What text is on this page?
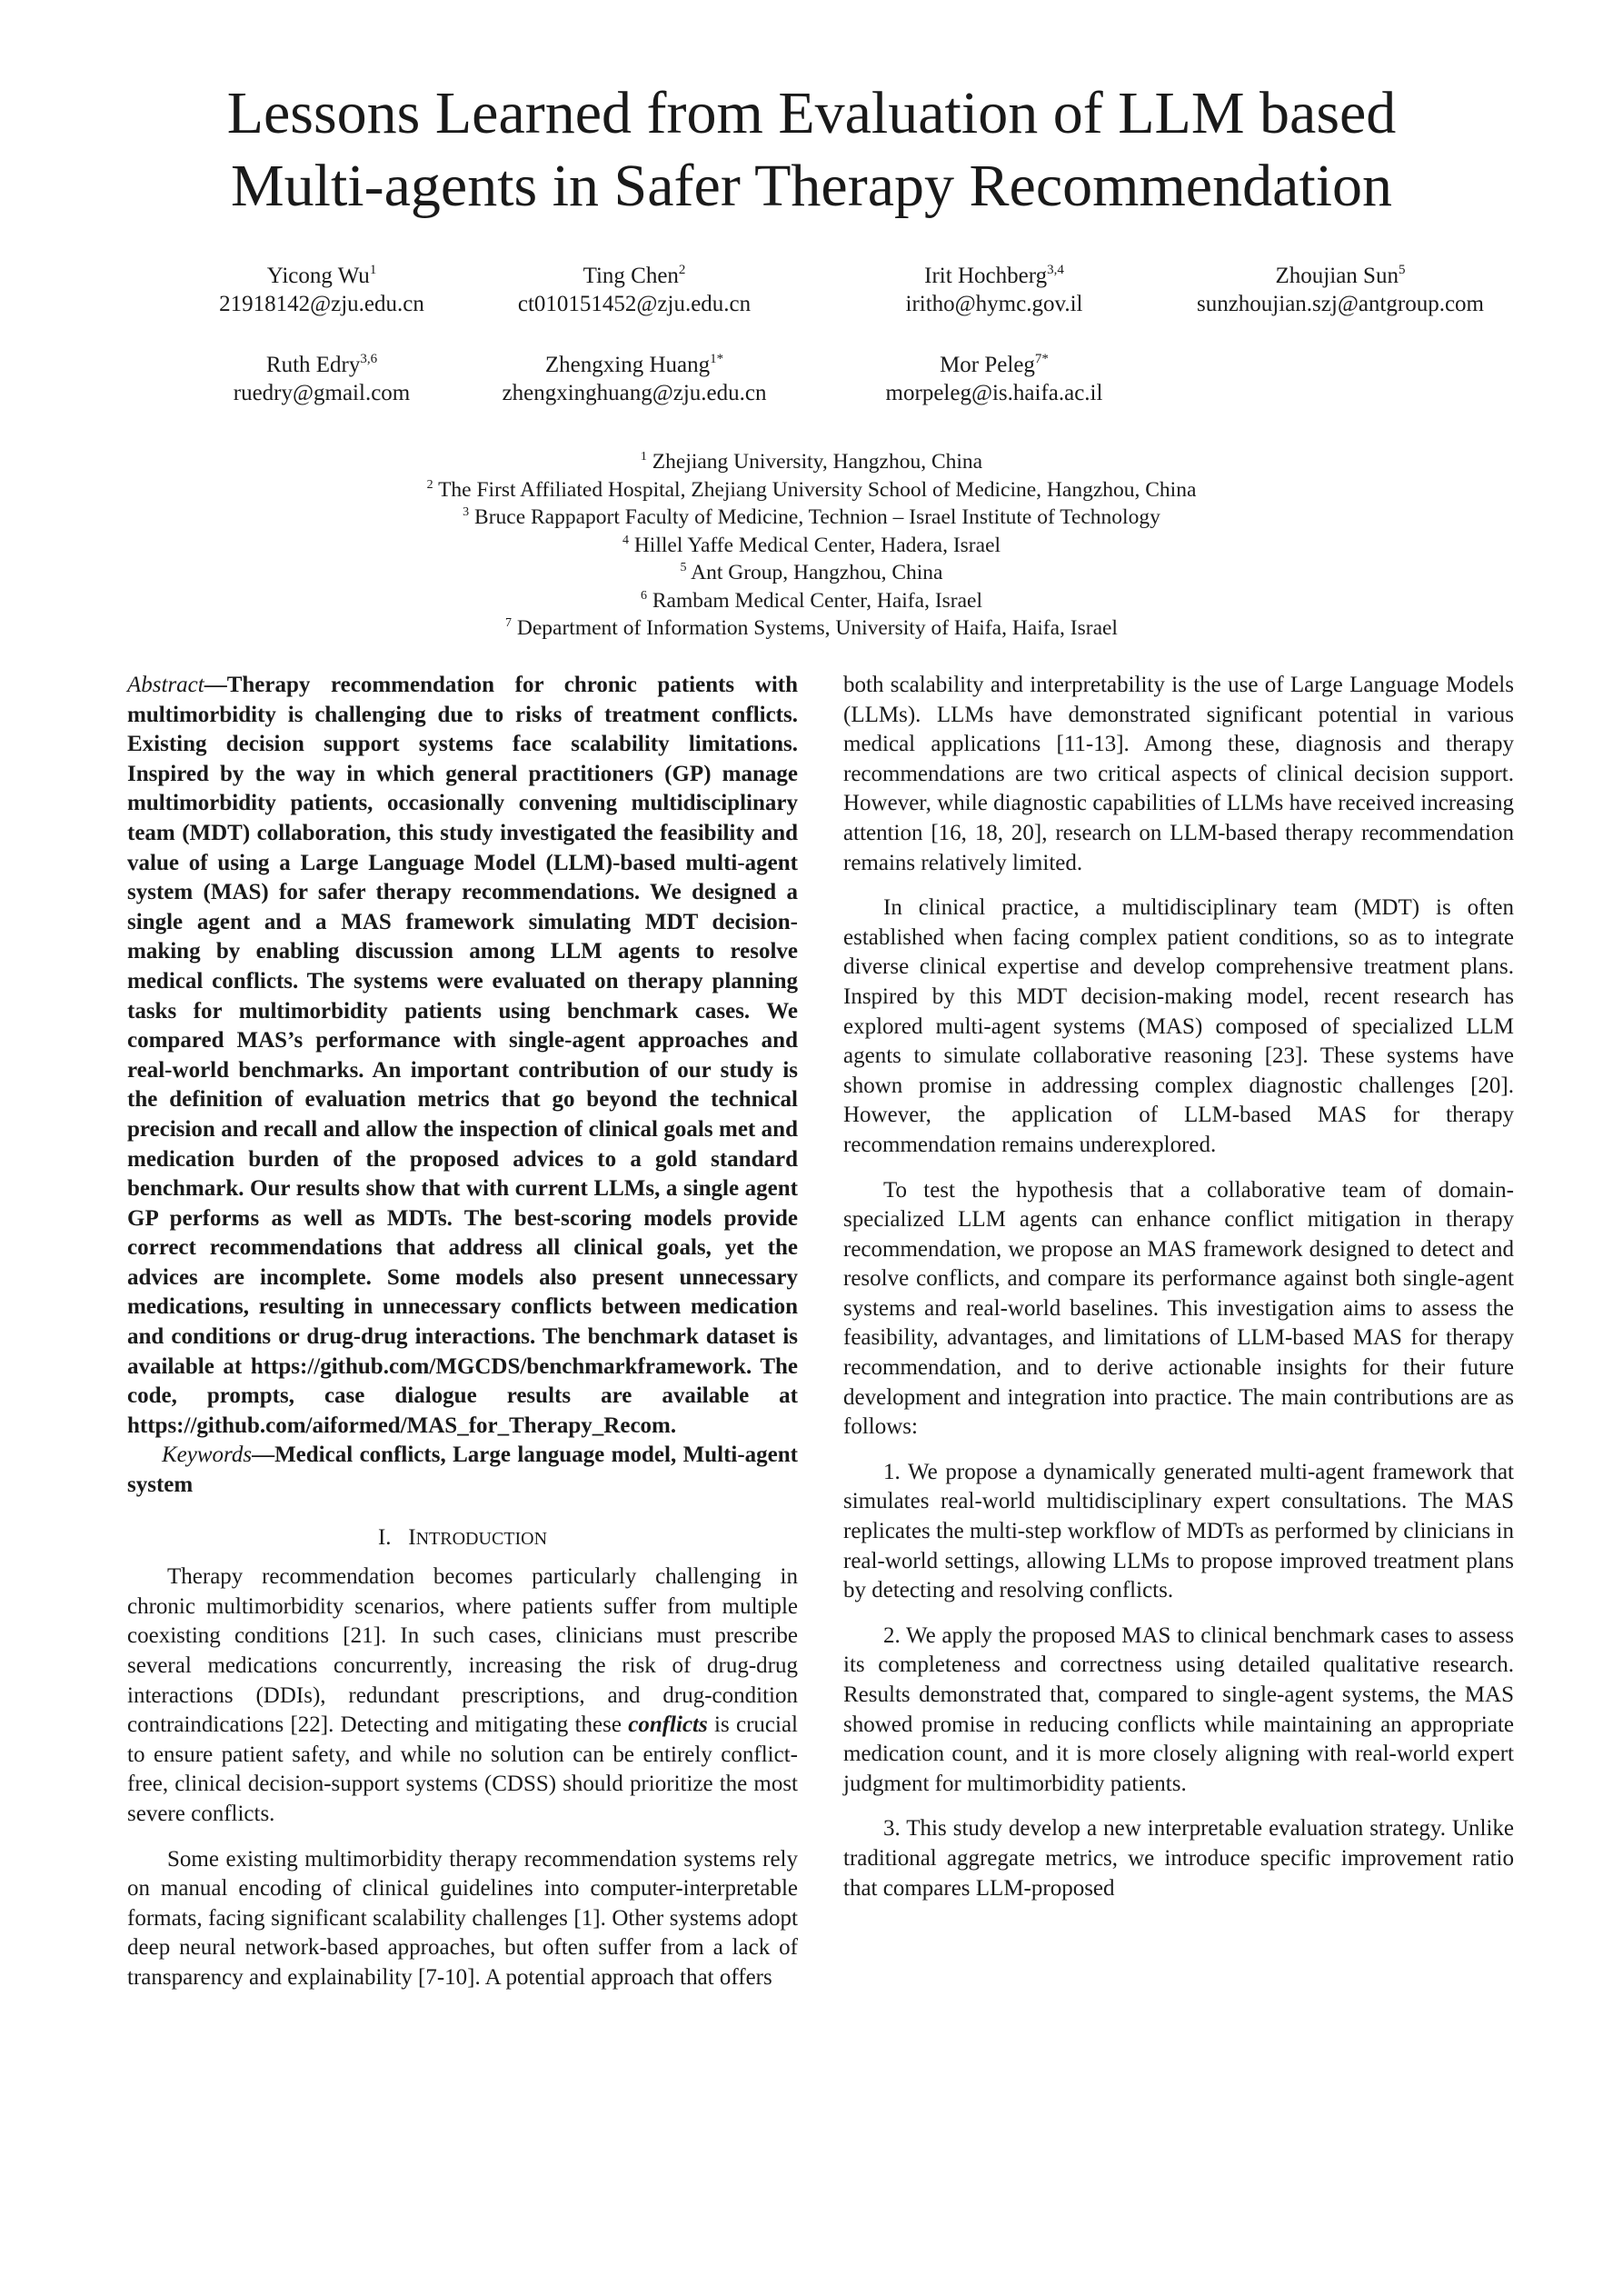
Lessons Learned from Evaluation of LLM based
Multi-agents in Safer Therapy Recommendation
Yicong Wu$^1$
21918142@zju.edu.cn
Ting Chen$^2$
ct010151452@zju.edu.cn
Irit Hochberg$^{3,4}$
iritho@hymc.gov.il
Zhoujian Sun$^5$
sunzhoujian.szj@antgroup.com
Ruth Edry$^{3,6}$
ruedry@gmail.com
Zhengxing Huang$^{1*}$
zhengxinghuang@zju.edu.cn
Mor Peleg$^{7*}$
morpeleg@is.haifa.ac.il
$^1$ Zhejiang University, Hangzhou, China
$^2$ The First Affiliated Hospital, Zhejiang University School of Medicine, Hangzhou, China
$^3$ Bruce Rappaport Faculty of Medicine, Technion – Israel Institute of Technology
$^4$ Hillel Yaffe Medical Center, Hadera, Israel
$^5$ Ant Group, Hangzhou, China
$^6$ Rambam Medical Center, Haifa, Israel
$^7$ Department of Information Systems, University of Haifa, Haifa, Israel

Abstract—Therapy recommendation for chronic patients with multimorbidity is challenging due to risks of treatment conflicts. Existing decision support systems face scalability limitations. Inspired by the way in which general practitioners (GP) manage multimorbidity patients, occasionally convening multidisciplinary team (MDT) collaboration, this study investigated the feasibility and value of using a Large Language Model (LLM)-based multi-agent system (MAS) for safer therapy recommendations. We designed a single agent and a MAS framework simulating MDT decision-making by enabling discussion among LLM agents to resolve medical conflicts. The systems were evaluated on therapy planning tasks for multimorbidity patients using benchmark cases. We compared MAS’s performance with single-agent approaches and real-world benchmarks. An important contribution of our study is the definition of evaluation metrics that go beyond the technical precision and recall and allow the inspection of clinical goals met and medication burden of the proposed advices to a gold standard benchmark. Our results show that with current LLMs, a single agent GP performs as well as MDTs. The best-scoring models provide correct recommendations that address all clinical goals, yet the advices are incomplete. Some models also present unnecessary medications, resulting in unnecessary conflicts between medication and conditions or drug-drug interactions. The benchmark dataset is available at https://github.com/MGCDS/benchmarkframework. The code, prompts, case dialogue results are available at https://github.com/aiformed/MAS_for_Therapy_Recom.

Keywords—Medical conflicts, Large language model, Multi-agent system

I. INTRODUCTION

Therapy recommendation becomes particularly challenging in chronic multimorbidity scenarios, where patients suffer from multiple coexisting conditions [21]. In such cases, clinicians must prescribe several medications concurrently, increasing the risk of drug-drug interactions (DDIs), redundant prescriptions, and drug-condition contraindications [22]. Detecting and mitigating these conflicts is crucial to ensure patient safety, and while no solution can be entirely conflict-free, clinical decision-support systems (CDSS) should prioritize the most severe conflicts.

Some existing multimorbidity therapy recommendation systems rely on manual encoding of clinical guidelines into computer-interpretable formats, facing significant scalability challenges [1]. Other systems adopt deep neural network-based approaches, but often suffer from a lack of transparency and explainability [7-10]. A potential approach that offers

both scalability and interpretability is the use of Large Language Models (LLMs). LLMs have demonstrated significant potential in various medical applications [11-13]. Among these, diagnosis and therapy recommendations are two critical aspects of clinical decision support. However, while diagnostic capabilities of LLMs have received increasing attention [16, 18, 20], research on LLM-based therapy recommendation remains relatively limited.

In clinical practice, a multidisciplinary team (MDT) is often established when facing complex patient conditions, so as to integrate diverse clinical expertise and develop comprehensive treatment plans. Inspired by this MDT decision-making model, recent research has explored multi-agent systems (MAS) composed of specialized LLM agents to simulate collaborative reasoning [23]. These systems have shown promise in addressing complex diagnostic challenges [20]. However, the application of LLM-based MAS for therapy recommendation remains underexplored.

To test the hypothesis that a collaborative team of domain-specialized LLM agents can enhance conflict mitigation in therapy recommendation, we propose an MAS framework designed to detect and resolve conflicts, and compare its performance against both single-agent systems and real-world baselines. This investigation aims to assess the feasibility, advantages, and limitations of LLM-based MAS for therapy recommendation, and to derive actionable insights for their future development and integration into practice. The main contributions are as follows:

1. We propose a dynamically generated multi-agent framework that simulates real-world multidisciplinary expert consultations. The MAS replicates the multi-step workflow of MDTs as performed by clinicians in real-world settings, allowing LLMs to propose improved treatment plans by detecting and resolving conflicts.

2. We apply the proposed MAS to clinical benchmark cases to assess its completeness and correctness using detailed qualitative research. Results demonstrated that, compared to single-agent systems, the MAS showed promise in reducing conflicts while maintaining an appropriate medication count, and it is more closely aligning with real-world expert judgment for multimorbidity patients.

3. This study develop a new interpretable evaluation strategy. Unlike traditional aggregate metrics, we introduce specific improvement ratio that compares LLM-proposed
